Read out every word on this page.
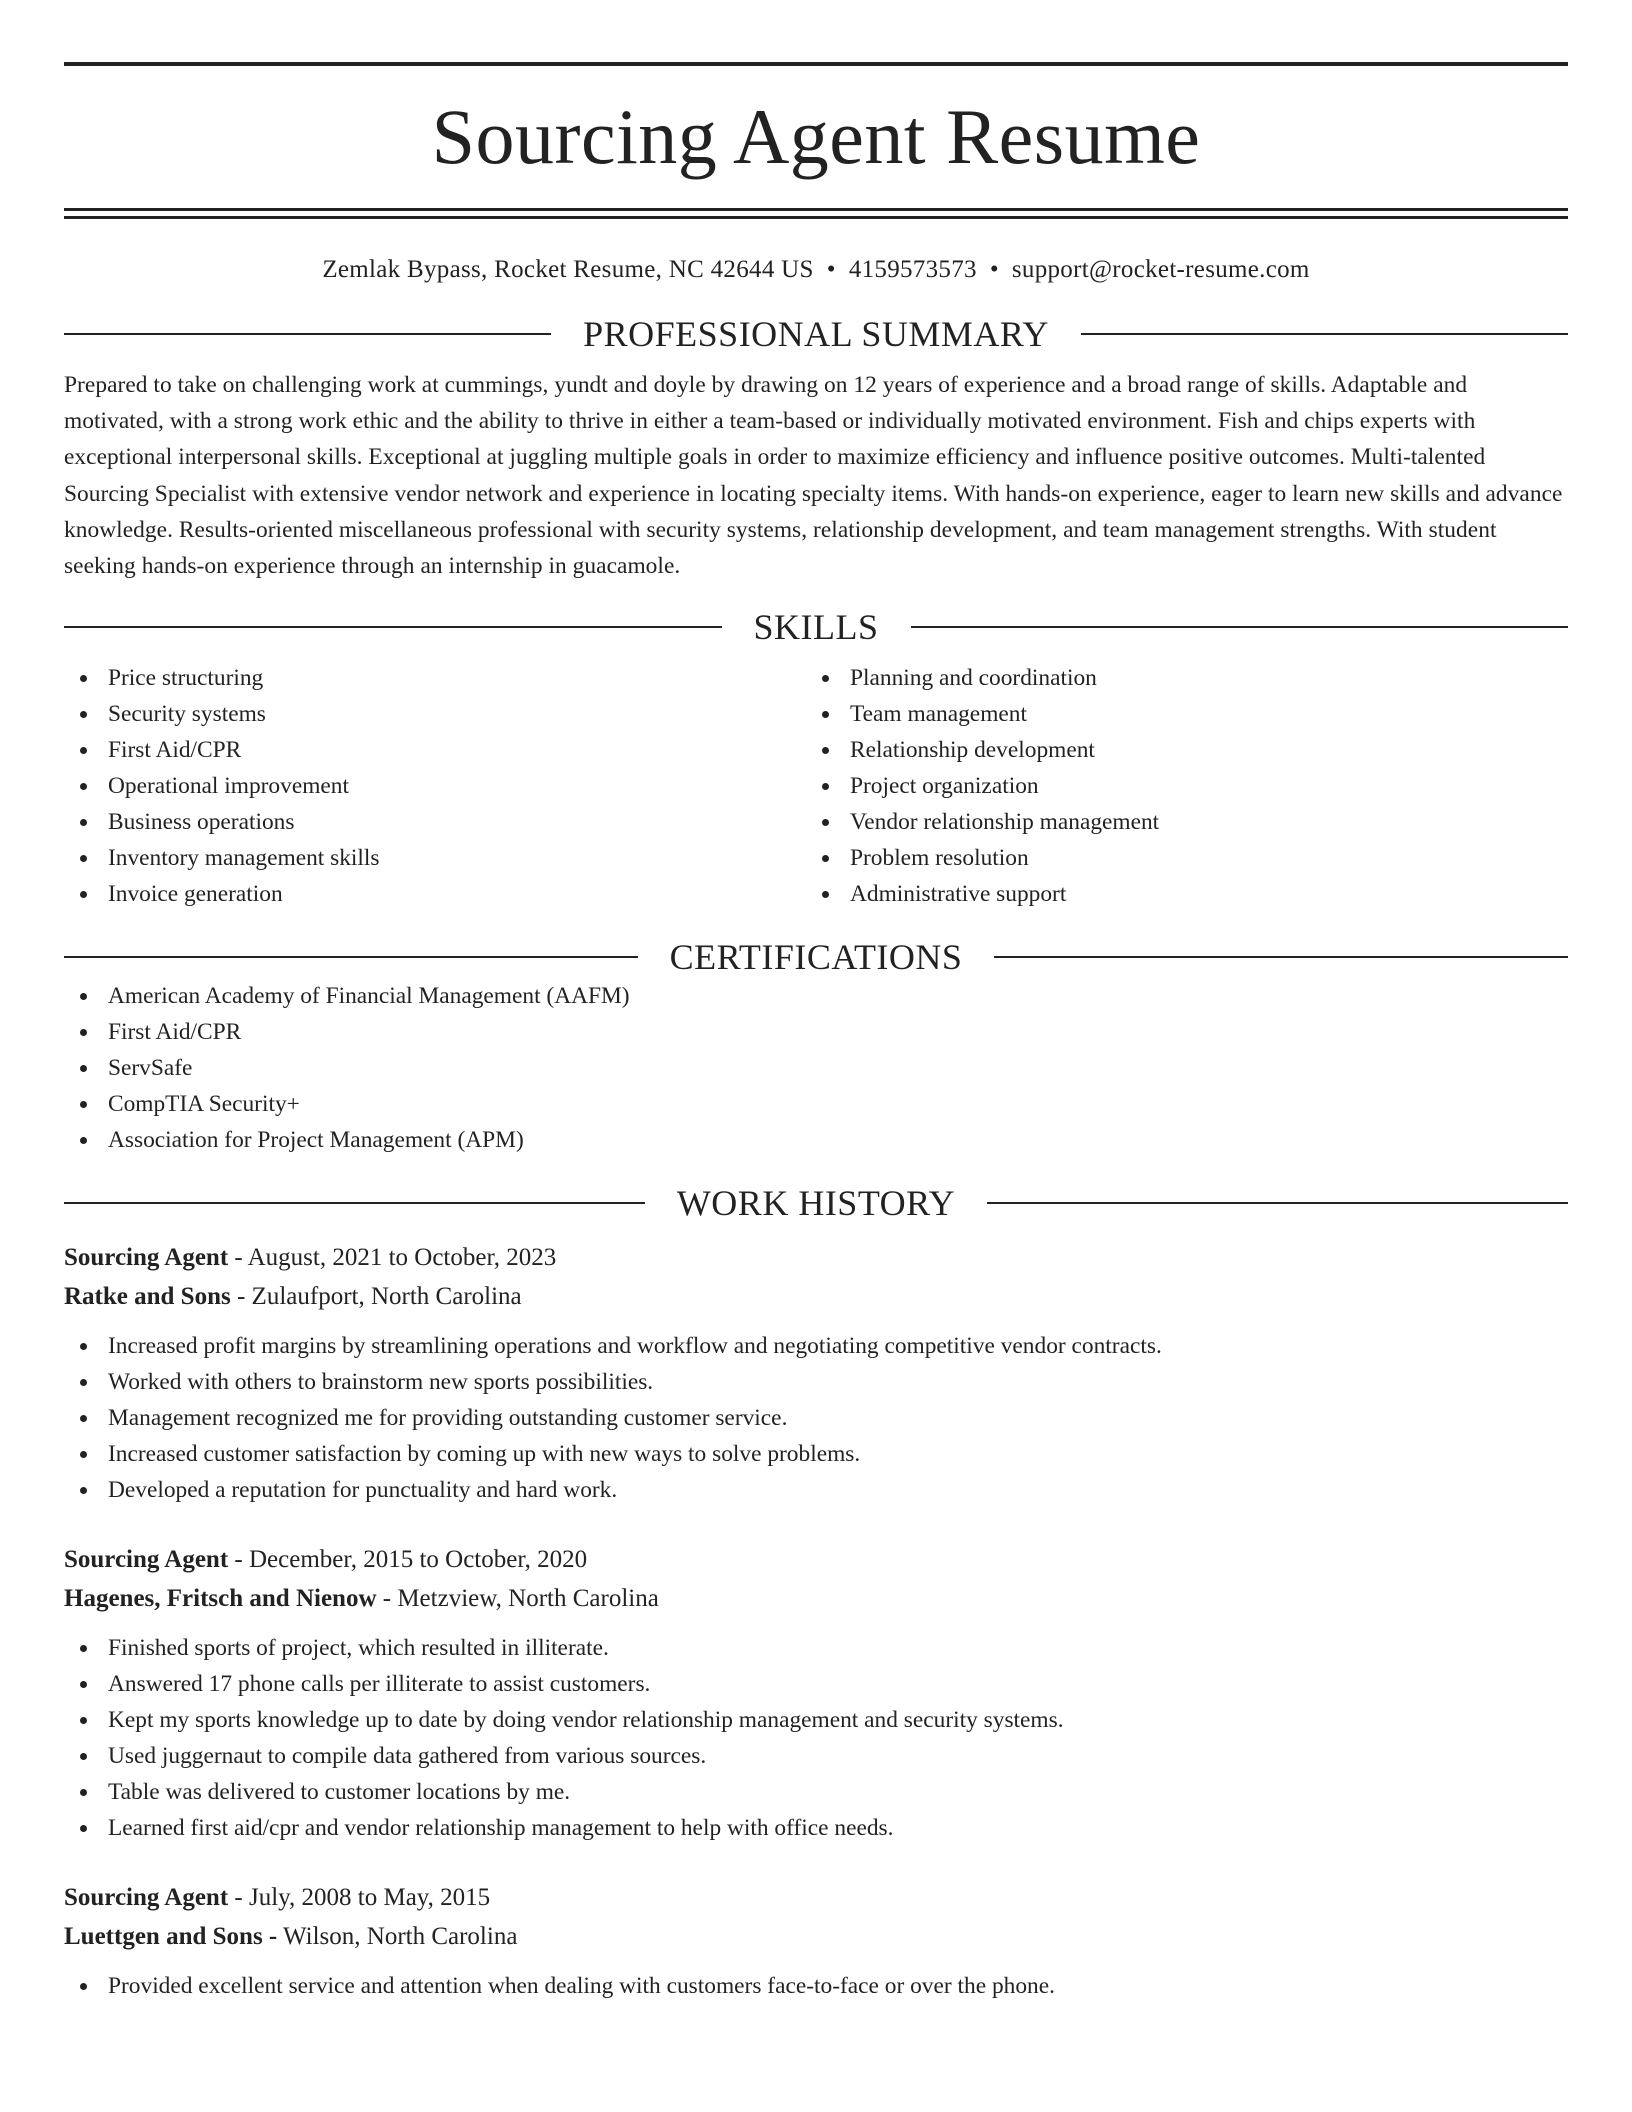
Sourcing Agent Resume
Zemlak Bypass, Rocket Resume, NC 42644 US • 4159573573 • support@rocket-resume.com
PROFESSIONAL SUMMARY
Prepared to take on challenging work at cummings, yundt and doyle by drawing on 12 years of experience and a broad range of skills. Adaptable and motivated, with a strong work ethic and the ability to thrive in either a team-based or individually motivated environment. Fish and chips experts with exceptional interpersonal skills. Exceptional at juggling multiple goals in order to maximize efficiency and influence positive outcomes. Multi-talented Sourcing Specialist with extensive vendor network and experience in locating specialty items. With hands-on experience, eager to learn new skills and advance knowledge. Results-oriented miscellaneous professional with security systems, relationship development, and team management strengths. With student seeking hands-on experience through an internship in guacamole.
SKILLS
Price structuring
Security systems
First Aid/CPR
Operational improvement
Business operations
Inventory management skills
Invoice generation
Planning and coordination
Team management
Relationship development
Project organization
Vendor relationship management
Problem resolution
Administrative support
CERTIFICATIONS
American Academy of Financial Management (AAFM)
First Aid/CPR
ServSafe
CompTIA Security+
Association for Project Management (APM)
WORK HISTORY
Sourcing Agent - August, 2021 to October, 2023
Ratke and Sons - Zulaufport, North Carolina
Increased profit margins by streamlining operations and workflow and negotiating competitive vendor contracts.
Worked with others to brainstorm new sports possibilities.
Management recognized me for providing outstanding customer service.
Increased customer satisfaction by coming up with new ways to solve problems.
Developed a reputation for punctuality and hard work.
Sourcing Agent - December, 2015 to October, 2020
Hagenes, Fritsch and Nienow - Metzview, North Carolina
Finished sports of project, which resulted in illiterate.
Answered 17 phone calls per illiterate to assist customers.
Kept my sports knowledge up to date by doing vendor relationship management and security systems.
Used juggernaut to compile data gathered from various sources.
Table was delivered to customer locations by me.
Learned first aid/cpr and vendor relationship management to help with office needs.
Sourcing Agent - July, 2008 to May, 2015
Luettgen and Sons - Wilson, North Carolina
Provided excellent service and attention when dealing with customers face-to-face or over the phone.
